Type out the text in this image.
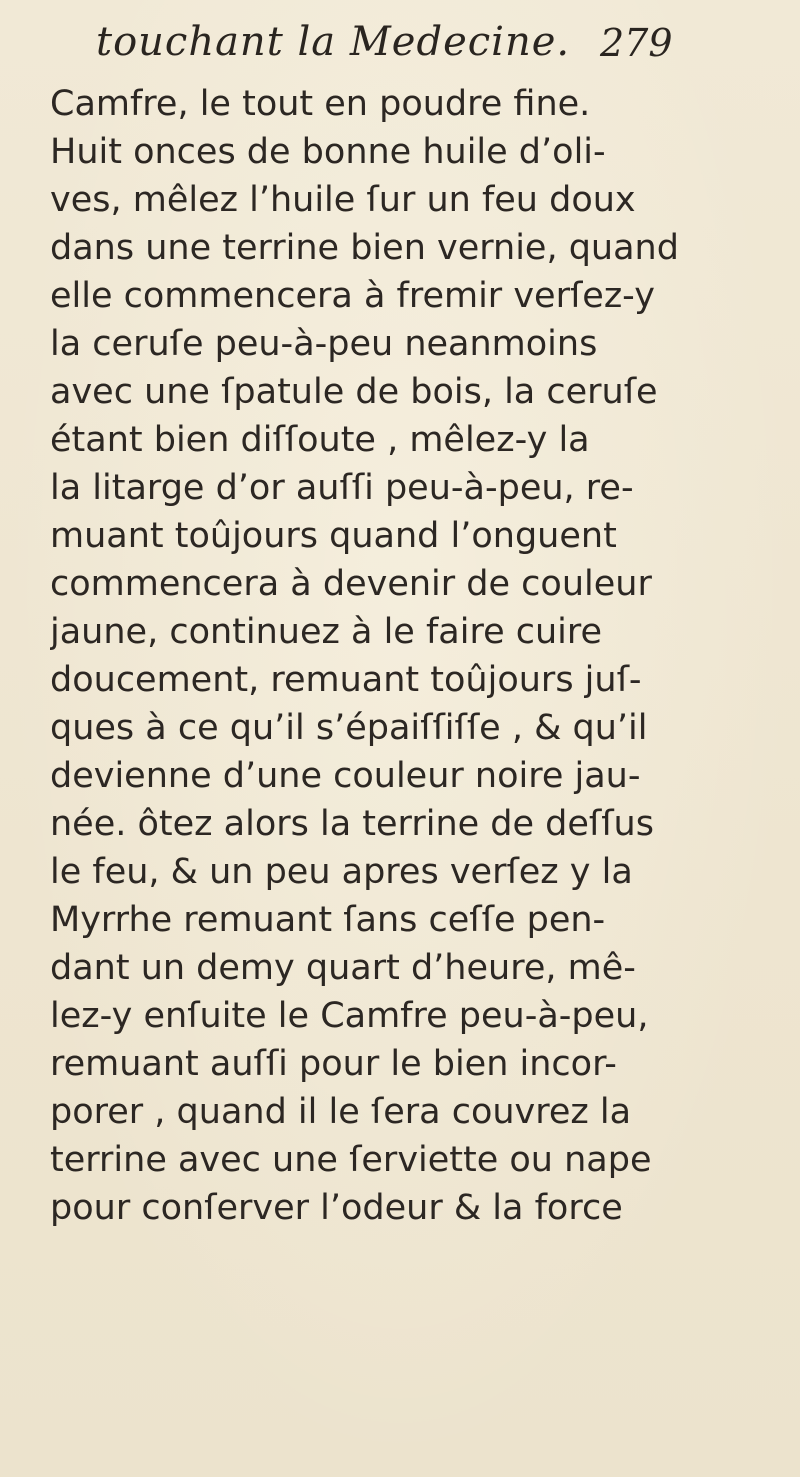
touchant la Medecine. 279
Camfre, le tout en poudre fine.
Huit onces de bonne huile d’oli-
ves, mêlez l’huile ſur un feu doux
dans une terrine bien vernie, quand
elle commencera à fremir verſez-y
la ceruſe peu-à-peu neanmoins
avec une ſpatule de bois, la ceruſe
étant bien diſſoute , mêlez-y la
la litarge d’or auſſi peu-à-peu, re-
muant toûjours quand l’onguent
commencera à devenir de couleur
jaune, continuez à le faire cuire
doucement, remuant toûjours juſ-
ques à ce qu’il s’épaiſſiſſe , & qu’il
devienne d’une couleur noire jau-
née. ôtez alors la terrine de deſſus
le feu, & un peu apres verſez y la
Myrrhe remuant ſans ceſſe pen-
dant un demy quart d’heure, mê-
lez-y enſuite le Camfre peu-à-peu,
remuant auſſi pour le bien incor-
porer , quand il le ſera couvrez la
terrine avec une ſerviette ou nape
pour conſerver l’odeur & la force
